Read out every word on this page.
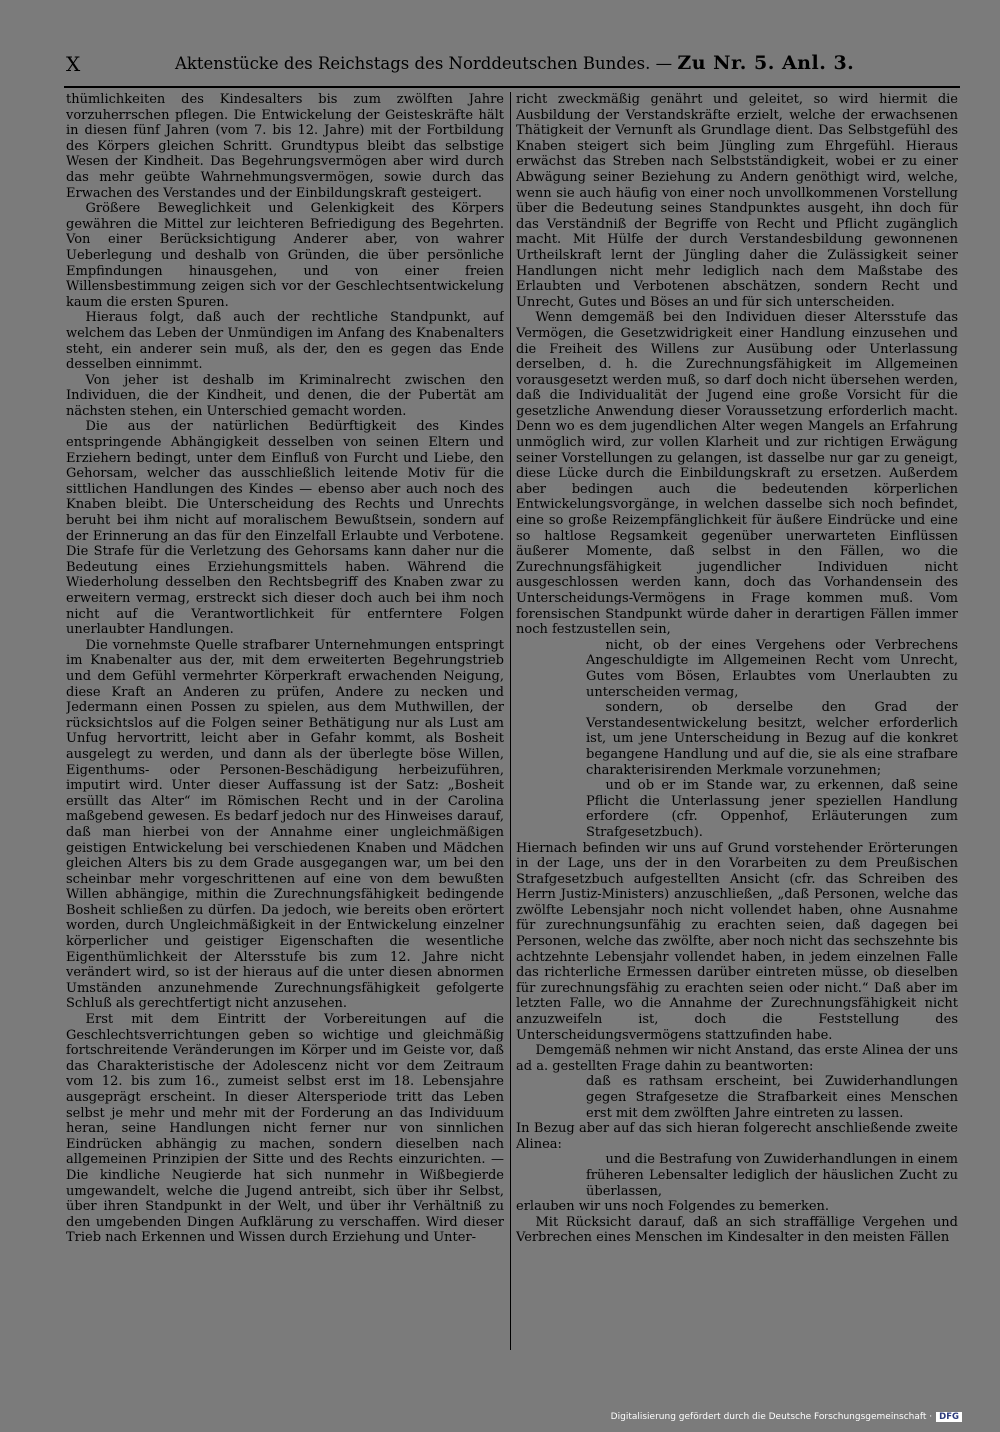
X	Aktenstücke des Reichstags des Norddeutschen Bundes. — Zu Nr. 5. Anl. 3.

thümlichkeiten des Kindesalters bis zum zwölften Jahre vorzuherrschen pflegen. Die Entwickelung der Geisteskräfte hält in diesen fünf Jahren (vom 7. bis 12. Jahre) mit der Fortbildung des Körpers gleichen Schritt. Grundtypus bleibt das selbstige Wesen der Kindheit. Das Begehrungsvermögen aber wird durch das mehr geübte Wahrnehmungsvermögen, sowie durch das Erwachen des Verstandes und der Einbildungskraft gesteigert.

Größere Beweglichkeit und Gelenkigkeit des Körpers gewähren die Mittel zur leichteren Befriedigung des Begehrten. Von einer Berücksichtigung Anderer aber, von wahrer Ueberlegung und deshalb von Gründen, die über persönliche Empfindungen hinausgehen, und von einer freien Willensbestimmung zeigen sich vor der Geschlechtsentwickelung kaum die ersten Spuren.

Hieraus folgt, daß auch der rechtliche Standpunkt, auf welchem das Leben der Unmündigen im Anfang des Knabenalters steht, ein anderer sein muß, als der, den es gegen das Ende desselben einnimmt.

Von jeher ist deshalb im Kriminalrecht zwischen den Individuen, die der Kindheit, und denen, die der Pubertät am nächsten stehen, ein Unterschied gemacht worden.

Die aus der natürlichen Bedürftigkeit des Kindes entspringende Abhängigkeit desselben von seinen Eltern und Erziehern bedingt, unter dem Einfluß von Furcht und Liebe, den Gehorsam, welcher das ausschließlich leitende Motiv für die sittlichen Handlungen des Kindes — ebenso aber auch noch des Knaben bleibt. Die Unterscheidung des Rechts und Unrechts beruht bei ihm nicht auf moralischem Bewußtsein, sondern auf der Erinnerung an das für den Einzelfall Erlaubte und Verbotene. Die Strafe für die Verletzung des Gehorsams kann daher nur die Bedeutung eines Erziehungsmittels haben. Während die Wiederholung desselben den Rechtsbegriff des Knaben zwar zu erweitern vermag, erstreckt sich dieser doch auch bei ihm noch nicht auf die Verantwortlichkeit für entferntere Folgen unerlaubter Handlungen.

Die vornehmste Quelle strafbarer Unternehmungen entspringt im Knabenalter aus der, mit dem erweiterten Begehrungstrieb und dem Gefühl vermehrter Körperkraft erwachenden Neigung, diese Kraft an Anderen zu prüfen, Andere zu necken und Jedermann einen Possen zu spielen, aus dem Muthwillen, der rücksichtslos auf die Folgen seiner Bethätigung nur als Lust am Unfug hervortritt, leicht aber in Gefahr kommt, als Bosheit ausgelegt zu werden, und dann als der überlegte böse Willen, Eigenthums- oder Personen-Beschädigung herbeizuführen, imputirt wird. Unter dieser Auffassung ist der Satz: „Bosheit ersüllt das Alter“ im Römischen Recht und in der Carolina maßgebend gewesen. Es bedarf jedoch nur des Hinweises darauf, daß man hierbei von der Annahme einer ungleichmäßigen geistigen Entwickelung bei verschiedenen Knaben und Mädchen gleichen Alters bis zu dem Grade ausgegangen war, um bei den scheinbar mehr vorgeschrittenen auf eine von dem bewußten Willen abhängige, mithin die Zurechnungsfähigkeit bedingende Bosheit schließen zu dürfen. Da jedoch, wie bereits oben erörtert worden, durch Ungleichmäßigkeit in der Entwickelung einzelner körperlicher und geistiger Eigenschaften die wesentliche Eigenthümlichkeit der Altersstufe bis zum 12. Jahre nicht verändert wird, so ist der hieraus auf die unter diesen abnormen Umständen anzunehmende Zurechnungsfähigkeit gefolgerte Schluß als gerechtfertigt nicht anzusehen.

Erst mit dem Eintritt der Vorbereitungen auf die Geschlechtsverrichtungen geben so wichtige und gleichmäßig fortschreitende Veränderungen im Körper und im Geiste vor, daß das Charakteristische der Adolescenz nicht vor dem Zeitraum vom 12. bis zum 16., zumeist selbst erst im 18. Lebensjahre ausgeprägt erscheint. In dieser Altersperiode tritt das Leben selbst je mehr und mehr mit der Forderung an das Individuum heran, seine Handlungen nicht ferner nur von sinnlichen Eindrücken abhängig zu machen, sondern dieselben nach allgemeinen Prinzipien der Sitte und des Rechts einzurichten. — Die kindliche Neugierde hat sich nunmehr in Wißbegierde umgewandelt, welche die Jugend antreibt, sich über ihr Selbst, über ihren Standpunkt in der Welt, und über ihr Verhältniß zu den umgebenden Dingen Aufklärung zu verschaffen. Wird dieser Trieb nach Erkennen und Wissen durch Erziehung und Unter-

richt zweckmäßig genährt und geleitet, so wird hiermit die Ausbildung der Verstandskräfte erzielt, welche der erwachsenen Thätigkeit der Vernunft als Grundlage dient. Das Selbstgefühl des Knaben steigert sich beim Jüngling zum Ehrgefühl. Hieraus erwächst das Streben nach Selbstständigkeit, wobei er zu einer Abwägung seiner Beziehung zu Andern genöthigt wird, welche, wenn sie auch häufig von einer noch unvollkommenen Vorstellung über die Bedeutung seines Standpunktes ausgeht, ihn doch für das Verständniß der Begriffe von Recht und Pflicht zugänglich macht. Mit Hülfe der durch Verstandesbildung gewonnenen Urtheilskraft lernt der Jüngling daher die Zulässigkeit seiner Handlungen nicht mehr lediglich nach dem Maßstabe des Erlaubten und Verbotenen abschätzen, sondern Recht und Unrecht, Gutes und Böses an und für sich unterscheiden.

Wenn demgemäß bei den Individuen dieser Altersstufe das Vermögen, die Gesetzwidrigkeit einer Handlung einzusehen und die Freiheit des Willens zur Ausübung oder Unterlassung derselben, d. h. die Zurechnungsfähigkeit im Allgemeinen vorausgesetzt werden muß, so darf doch nicht übersehen werden, daß die Individualität der Jugend eine große Vorsicht für die gesetzliche Anwendung dieser Voraussetzung erforderlich macht. Denn wo es dem jugendlichen Alter wegen Mangels an Erfahrung unmöglich wird, zur vollen Klarheit und zur richtigen Erwägung seiner Vorstellungen zu gelangen, ist dasselbe nur gar zu geneigt, diese Lücke durch die Einbildungskraft zu ersetzen. Außerdem aber bedingen auch die bedeutenden körperlichen Entwickelungsvorgänge, in welchen dasselbe sich noch befindet, eine so große Reizempfänglichkeit für äußere Eindrücke und eine so haltlose Regsamkeit gegenüber unerwarteten Einflüssen äußerer Momente, daß selbst in den Fällen, wo die Zurechnungsfähigkeit jugendlicher Individuen nicht ausgeschlossen werden kann, doch das Vorhandensein des Unterscheidungs-Vermögens in Frage kommen muß. Vom forensischen Standpunkt würde daher in derartigen Fällen immer noch festzustellen sein,

nicht, ob der eines Vergehens oder Verbrechens Angeschuldigte im Allgemeinen Recht vom Unrecht, Gutes vom Bösen, Erlaubtes vom Unerlaubten zu unterscheiden vermag,

sondern, ob derselbe den Grad der Verstandesentwickelung besitzt, welcher erforderlich ist, um jene Unterscheidung in Bezug auf die konkret begangene Handlung und auf die, sie als eine strafbare charakterisirenden Merkmale vorzunehmen;

und ob er im Stande war, zu erkennen, daß seine Pflicht die Unterlassung jener speziellen Handlung erfordere (cfr. Oppenhof, Erläuterungen zum Strafgesetzbuch).

Hiernach befinden wir uns auf Grund vorstehender Erörterungen in der Lage, uns der in den Vorarbeiten zu dem Preußischen Strafgesetzbuch aufgestellten Ansicht (cfr. das Schreiben des Herrn Justiz-Ministers) anzuschließen, „daß Personen, welche das zwölfte Lebensjahr noch nicht vollendet haben, ohne Ausnahme für zurechnungsunfähig zu erachten seien, daß dagegen bei Personen, welche das zwölfte, aber noch nicht das sechszehnte bis achtzehnte Lebensjahr vollendet haben, in jedem einzelnen Falle das richterliche Ermessen darüber eintreten müsse, ob dieselben für zurechnungsfähig zu erachten seien oder nicht.“ Daß aber im letzten Falle, wo die Annahme der Zurechnungsfähigkeit nicht anzuzweifeln ist, doch die Feststellung des Unterscheidungsvermögens stattzufinden habe.

Demgemäß nehmen wir nicht Anstand, das erste Alinea der uns ad a. gestellten Frage dahin zu beantworten:

daß es rathsam erscheint, bei Zuwiderhandlungen gegen Strafgesetze die Strafbarkeit eines Menschen erst mit dem zwölften Jahre eintreten zu lassen.

In Bezug aber auf das sich hieran folgerecht anschließende zweite Alinea:

und die Bestrafung von Zuwiderhandlungen in einem früheren Lebensalter lediglich der häuslichen Zucht zu überlassen,

erlauben wir uns noch Folgendes zu bemerken.

Mit Rücksicht darauf, daß an sich straffällige Vergehen und Verbrechen eines Menschen im Kindesalter in den meisten Fällen

Digitalisierung gefördert durch die Deutsche Forschungsgemeinschaft · DFG
